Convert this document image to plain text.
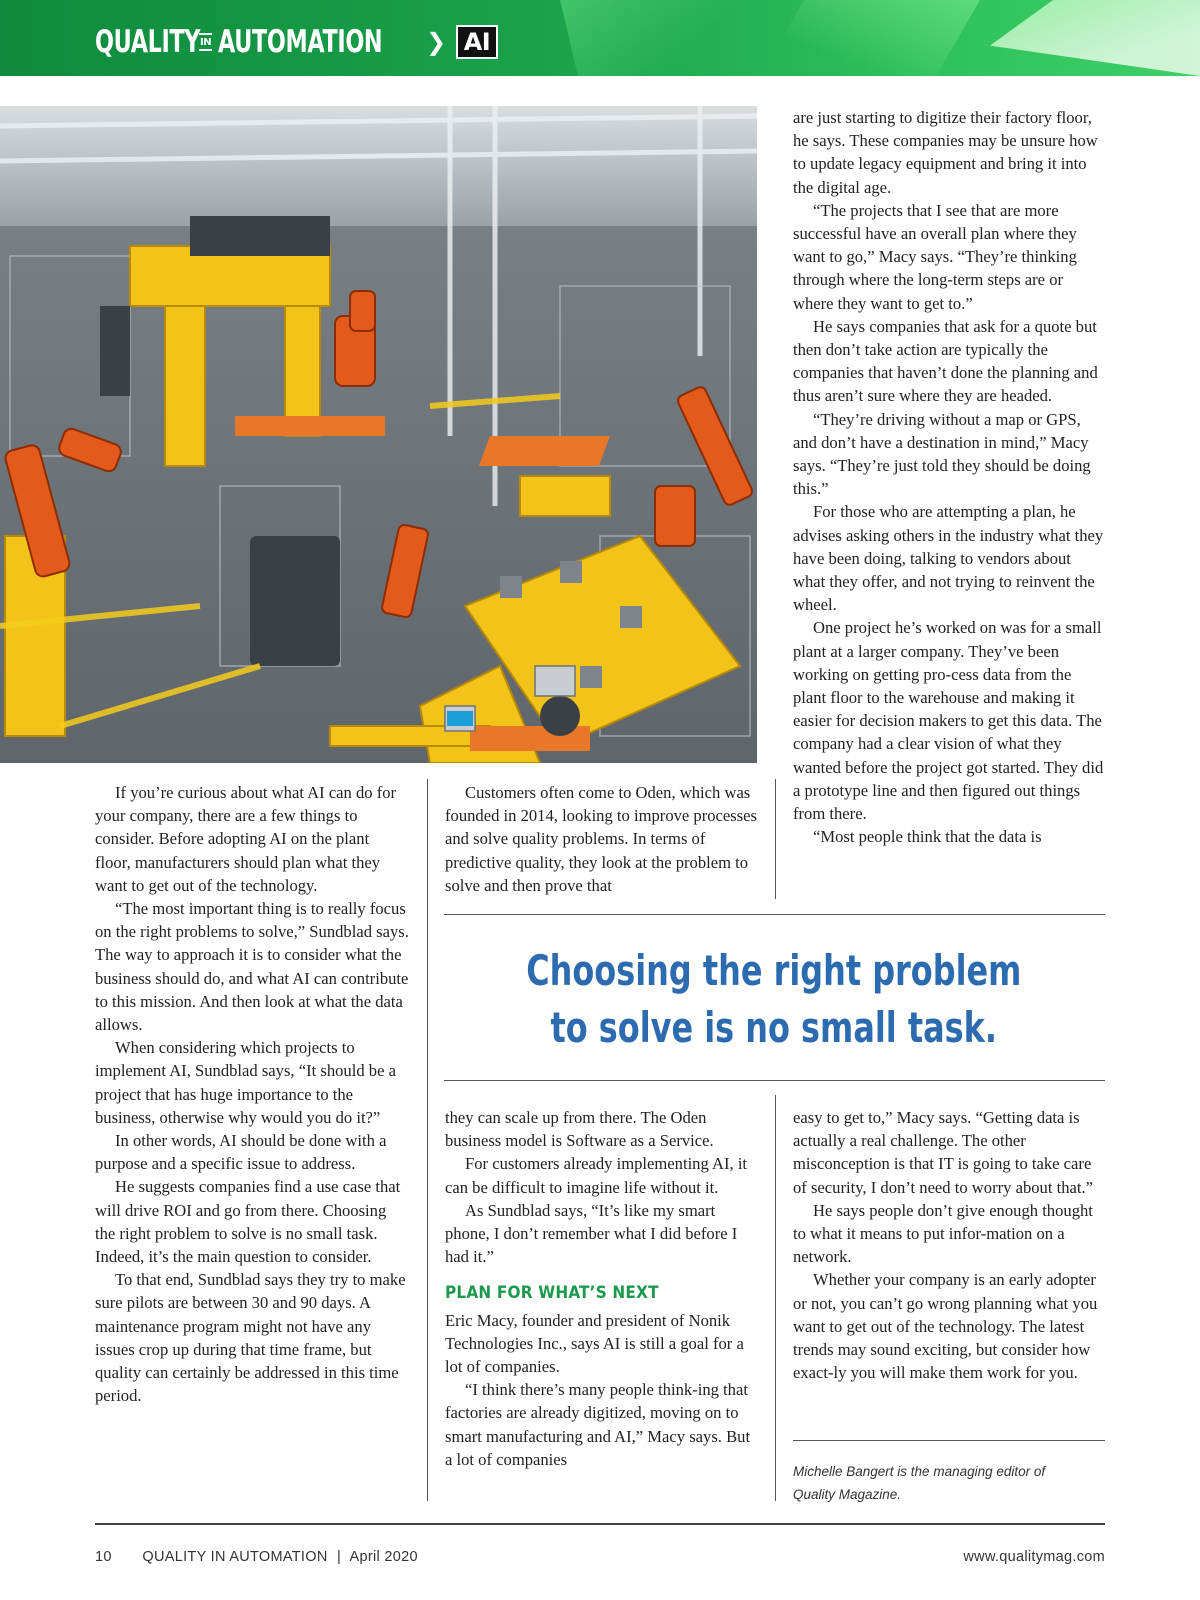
QUALITY IN AUTOMATION ❯ AI

If you’re curious about what AI can do for your company, there are a few things to consider. Before adopting AI on the plant floor, manufacturers should plan what they want to get out of the technology.

“The most important thing is to really focus on the right problems to solve,” Sundblad says. The way to approach it is to consider what the business should do, and what AI can contribute to this mission. And then look at what the data allows.

When considering which projects to implement AI, Sundblad says, “It should be a project that has huge importance to the business, otherwise why would you do it?”

In other words, AI should be done with a purpose and a specific issue to address.

He suggests companies find a use case that will drive ROI and go from there. Choosing the right problem to solve is no small task. Indeed, it’s the main question to consider.

To that end, Sundblad says they try to make sure pilots are between 30 and 90 days. A maintenance program might not have any issues crop up during that time frame, but quality can certainly be addressed in this time period.

Customers often come to Oden, which was founded in 2014, looking to improve processes and solve quality problems. In terms of predictive quality, they look at the problem to solve and then prove that

are just starting to digitize their factory floor, he says. These companies may be unsure how to update legacy equipment and bring it into the digital age.

“The projects that I see that are more successful have an overall plan where they want to go,” Macy says. “They’re thinking through where the long-term steps are or where they want to get to.”

He says companies that ask for a quote but then don’t take action are typically the companies that haven’t done the planning and thus aren’t sure where they are headed.

“They’re driving without a map or GPS, and don’t have a destination in mind,” Macy says. “They’re just told they should be doing this.”

For those who are attempting a plan, he advises asking others in the industry what they have been doing, talking to vendors about what they offer, and not trying to reinvent the wheel.

One project he’s worked on was for a small plant at a larger company. They’ve been working on getting pro-cess data from the plant floor to the warehouse and making it easier for decision makers to get this data. The company had a clear vision of what they wanted before the project got started. They did a prototype line and then figured out things from there.

“Most people think that the data is

Choosing the right problem
to solve is no small task.

they can scale up from there. The Oden business model is Software as a Service.

For customers already implementing AI, it can be difficult to imagine life without it.

As Sundblad says, “It’s like my smart phone, I don’t remember what I did before I had it.”

PLAN FOR WHAT’S NEXT

Eric Macy, founder and president of Nonik Technologies Inc., says AI is still a goal for a lot of companies.

“I think there’s many people think-ing that factories are already digitized, moving on to smart manufacturing and AI,” Macy says. But a lot of companies

easy to get to,” Macy says. “Getting data is actually a real challenge. The other misconception is that IT is going to take care of security, I don’t need to worry about that.”

He says people don’t give enough thought to what it means to put infor-mation on a network.

Whether your company is an early adopter or not, you can’t go wrong planning what you want to get out of the technology. The latest trends may sound exciting, but consider how exact-ly you will make them work for you.

Michelle Bangert is the managing editor of
Quality Magazine.
10 QUALITY IN AUTOMATION | April 2020	www.qualitymag.com
